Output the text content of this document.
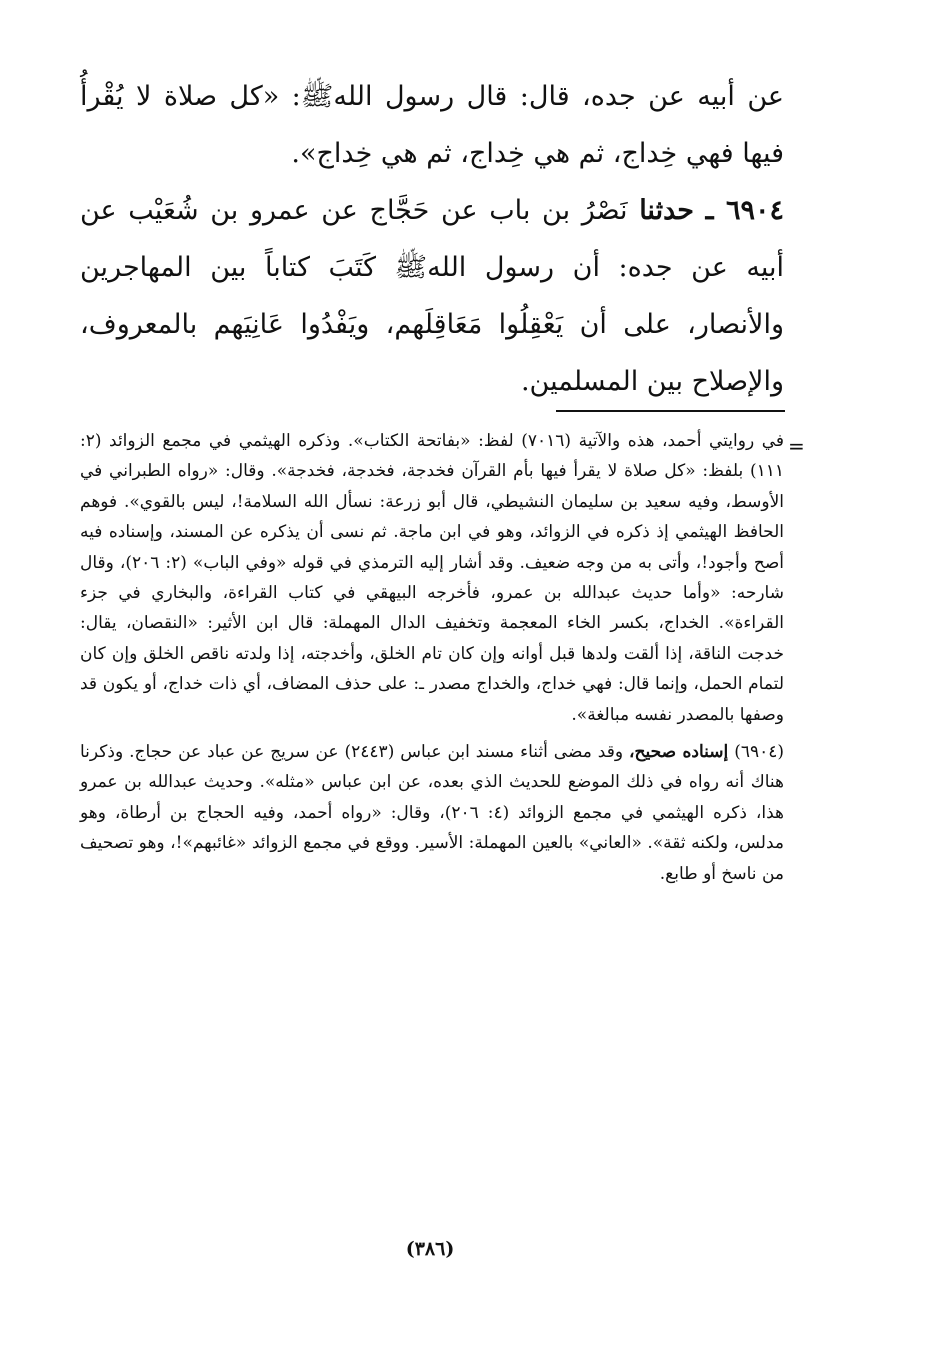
عن أبيه عن جده، قال: قال رسول اللهﷺ: «كل صلاة لا يُقْرأُ فيها فهي خِداج، ثم هي خِداج، ثم هي خِداج».

٦٩٠٤ ـ حدثنا نَصْرُ بن باب عن حَجَّاج عن عمرو بن شُعَيْب عن أبيه عن جده: أن رسول اللهﷺ كَتَبَ كتاباً بين المهاجرين والأنصار، على أن يَعْقِلُوا مَعَاقِلَهم، ويَفْدُوا عَانِيَهم بالمعروف، والإصلاح بين المسلمين.

=

في روايتي أحمد، هذه والآتية (٧٠١٦) لفظ: «بفاتحة الكتاب». وذكره الهيثمي في مجمع الزوائد (٢: ١١١) بلفظ: «كل صلاة لا يقرأ فيها بأم القرآن فخدجة، فخدجة، فخدجة». وقال: «رواه الطبراني في الأوسط، وفيه سعيد بن سليمان النشيطي، قال أبو زرعة: نسأل الله السلامة!، ليس بالقوي». فوهم الحافظ الهيثمي إذ ذكره في الزوائد، وهو في ابن ماجة. ثم نسى أن يذكره عن المسند، وإسناده فيه أصح وأجود!، وأتى به من وجه ضعيف. وقد أشار إليه الترمذي في قوله «وفي الباب» (٢: ٢٠٦)، وقال شارحه: «وأما حديث عبدالله بن عمرو، فأخرجه البيهقي في كتاب القراءة، والبخاري في جزء القراءة». الخداج، بكسر الخاء المعجمة وتخفيف الدال المهملة: قال ابن الأثير: «النقصان، يقال: خدجت الناقة، إذا ألقت ولدها قبل أوانه وإن كان تام الخلق، وأخدجته، إذا ولدته ناقص الخلق وإن كان لتمام الحمل، وإنما قال: فهي خداج، والخداج مصدر ـ: على حذف المضاف، أي ذات خداج، أو يكون قد وصفها بالمصدر نفسه مبالغة».

(٦٩٠٤) إسناده صحيح، وقد مضى أثناء مسند ابن عباس (٢٤٤٣) عن سريج عن عباد عن حجاج. وذكرنا هناك أنه رواه في ذلك الموضع للحديث الذي بعده، عن ابن عباس «مثله». وحديث عبدالله بن عمرو هذا، ذكره الهيثمي في مجمع الزوائد (٤: ٢٠٦)، وقال: «رواه أحمد، وفيه الحجاج بن أرطاة، وهو مدلس، ولكنه ثقة». «العاني» بالعين المهملة: الأسير. ووقع في مجمع الزوائد «غائبهم»!، وهو تصحيف من ناسخ أو طابع.

(٣٨٦)
